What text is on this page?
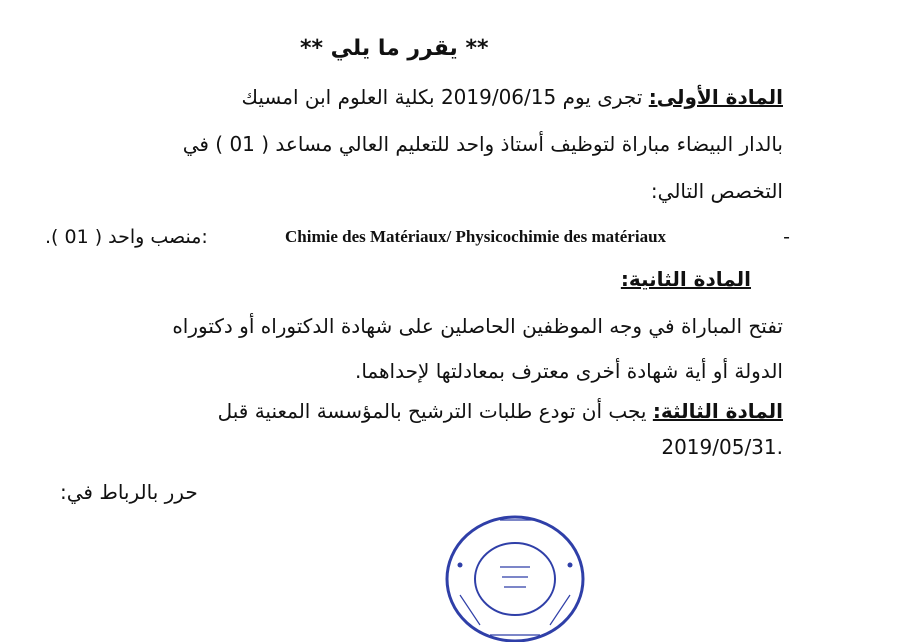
** يقرر ما يلي **
المادة الأولى: تجرى يوم 2019/06/15 بكلية العلوم ابن امسيك
بالدار البيضاء مباراة لتوظيف أستاذ واحد للتعليم العالي مساعد ( 01 ) في
التخصص التالي:
:منصب واحد ( 01 ).	Chimie des Matériaux/ Physicochimie des matériaux	-
المادة الثانية:
تفتح المباراة في وجه الموظفين الحاصلين على شهادة الدكتوراه أو دكتوراه
الدولة أو أية شهادة أخرى معترف بمعادلتها لإحداهما.
المادة الثالثة: يجب أن تودع طلبات الترشيح بالمؤسسة المعنية قبل
.2019/05/31
حرر بالرباط في:
